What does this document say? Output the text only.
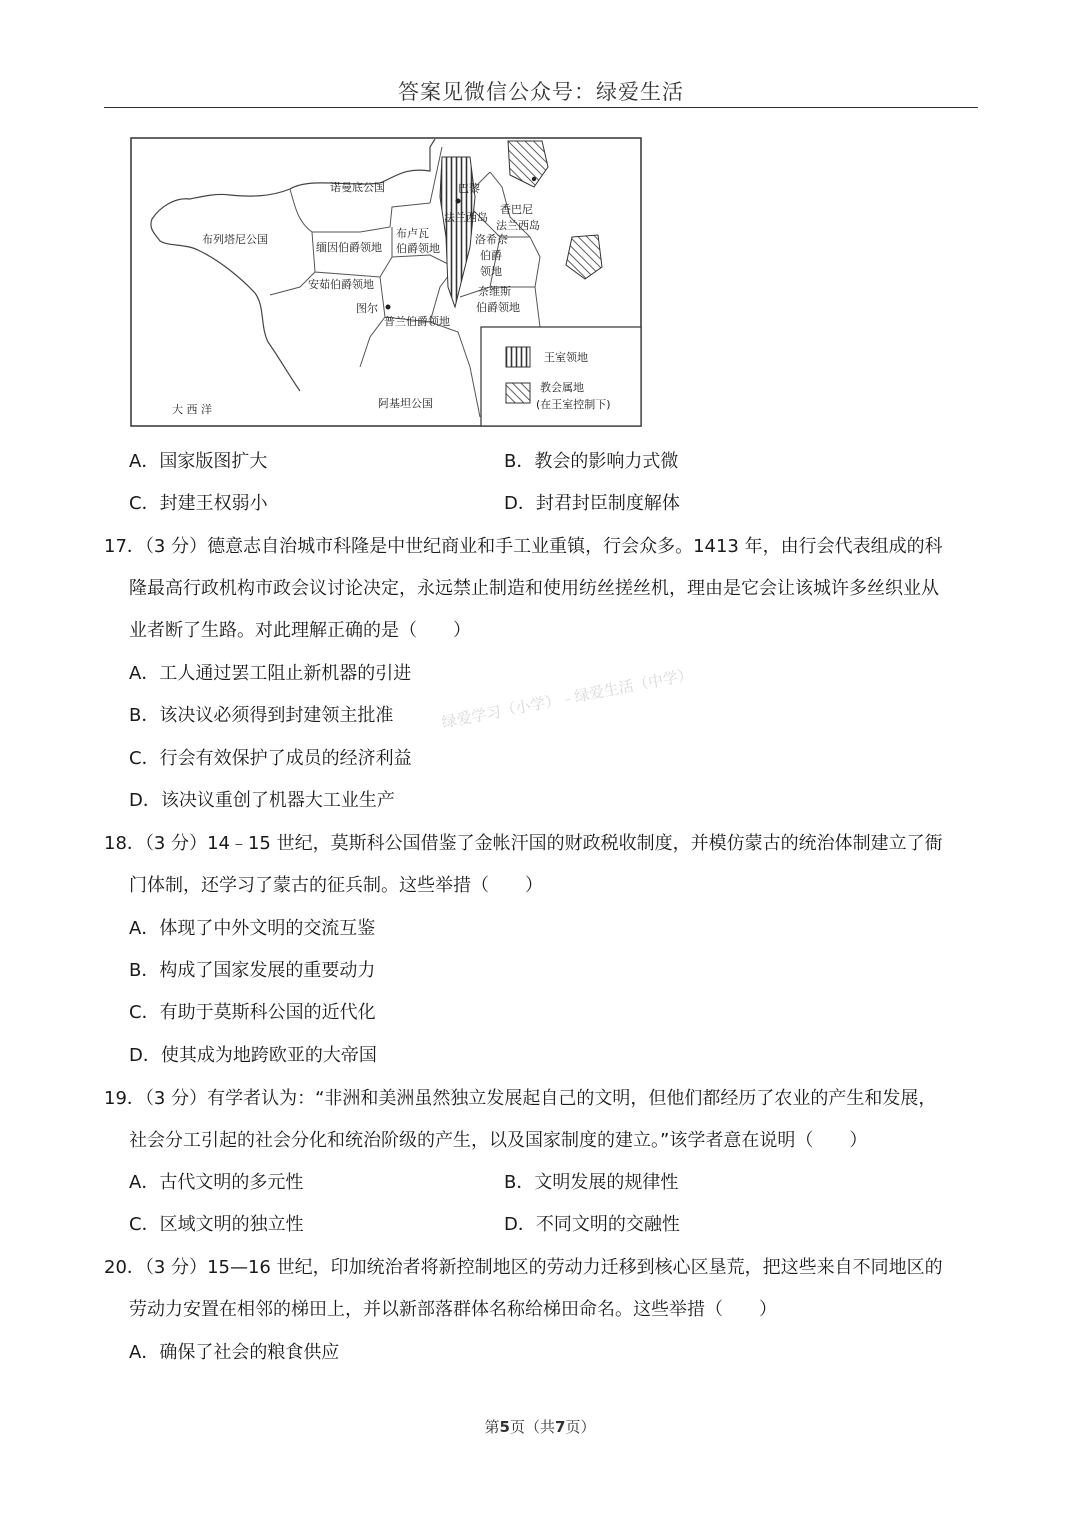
答案见微信公众号：绿爱生活
诺曼底公国
布列塔尼公国
缅因伯爵领地
布卢瓦
伯爵领地
巴黎
法兰西岛
香巴尼
法兰西岛
洛希奈
伯爵
领地
安茹伯爵领地
图尔
普兰伯爵领地
奈维斯
伯爵领地
大 西 洋	阿基坦公国
王室领地
教会属地
(在王室控制下)
A．国家版图扩大	B．教会的影响力式微
C．封建王权弱小	D．封君封臣制度解体
17．（3 分）德意志自治城市科隆是中世纪商业和手工业重镇，行会众多。1413 年，由行会代表组成的科
隆最高行政机构市政会议讨论决定，永远禁止制造和使用纺丝搓丝机，理由是它会让该城许多丝织业从
业者断了生路。对此理解正确的是（　　）
A．工人通过罢工阻止新机器的引进
B．该决议必须得到封建领主批准
C．行会有效保护了成员的经济利益
D．该决议重创了机器大工业生产
绿爱学习（小学）﹣绿爱生活（中学）
18．（3 分）14﹣15 世纪，莫斯科公国借鉴了金帐汗国的财政税收制度，并模仿蒙古的统治体制建立了衙
门体制，还学习了蒙古的征兵制。这些举措（　　）
A．体现了中外文明的交流互鉴
B．构成了国家发展的重要动力
C．有助于莫斯科公国的近代化
D．使其成为地跨欧亚的大帝国
19．（3 分）有学者认为：“非洲和美洲虽然独立发展起自己的文明，但他们都经历了农业的产生和发展，
社会分工引起的社会分化和统治阶级的产生，以及国家制度的建立。”该学者意在说明（　　）
A．古代文明的多元性	B．文明发展的规律性
C．区域文明的独立性	D．不同文明的交融性
20．（3 分）15—16 世纪，印加统治者将新控制地区的劳动力迁移到核心区垦荒，把这些来自不同地区的
劳动力安置在相邻的梯田上，并以新部落群体名称给梯田命名。这些举措（　　）
A．确保了社会的粮食供应
第5页（共7页）
